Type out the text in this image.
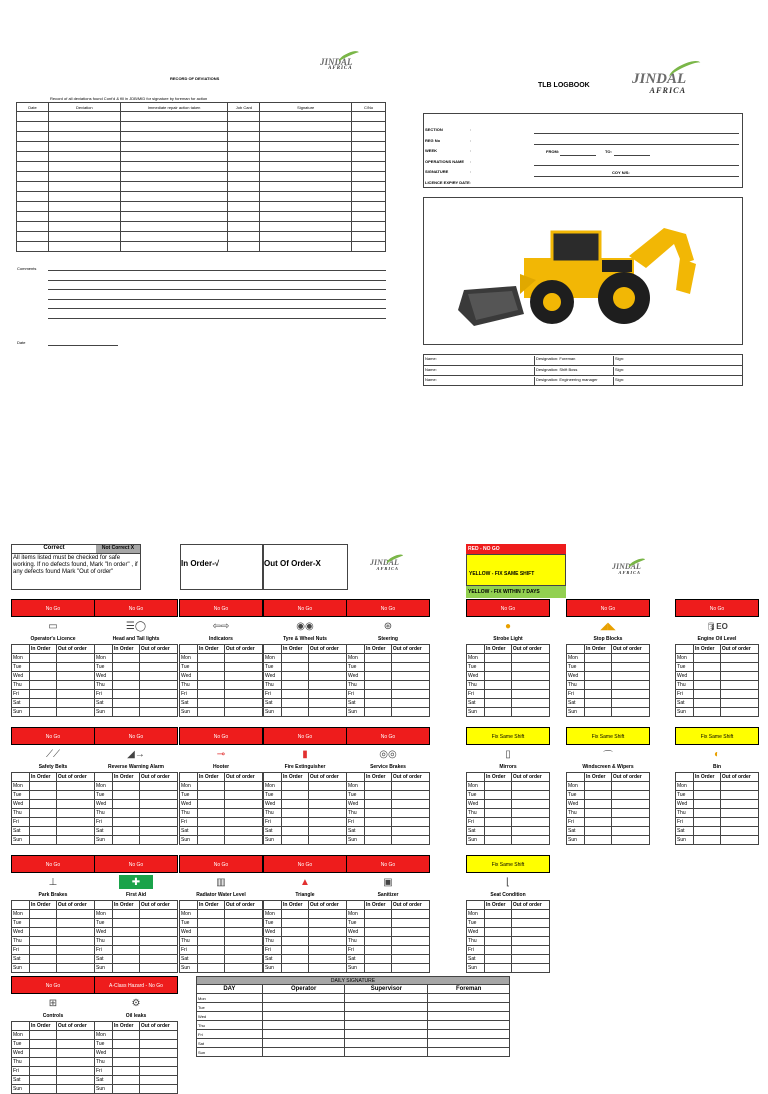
JINDAL
AFRICA
RECORD OF DEVIATIONS
Record of all deviations found Cont'd & fill in JDB/MID for signature by foreman for action
Date	Deviation	Immediate repair action taken	Job Card	Signature	C/No

Comments
Date
TLB LOGBOOK	JINDAL
AFRICA
SECTION	:
REG No	:
WEEK	:
OPERATIONS NAME :
SIGNATURE	:
LICENCE EXPIRY DATE :
FROM:	TO:
COY N/S:
Name:	Designation: Foreman	Sign:
Name:	Designation: Shift Boss	Sign:
Name:	Designation: Engineering manager	Sign:
Correct	Not Correct X
All items listed must be checked for safe working. If no defects found, Mark "In order" , if any defects found Mark "Out of order"
In Order-√	Out Of Order-X	JINDAL
AFRICA
RED - NO GO
YELLOW - FIX SAME SHIFT
YELLOW - FIX WITHIN 7 DAYS
JINDAL
AFRICA
No Go
▭
Operator's Licence
	In Order	Out of order
Mon		
Tue		
Wed		
Thu		
Fri		
Sat		
Sun		
No Go
☰◯
Head and Tail lights
	In Order	Out of order
Mon		
Tue		
Wed		
Thu		
Fri		
Sat		
Sun		
No Go
⇦⇨
Indicators
	In Order	Out of order
Mon		
Tue		
Wed		
Thu		
Fri		
Sat		
Sun		
No Go
◉◉
Tyre & Wheel Nuts
	In Order	Out of order
Mon		
Tue		
Wed		
Thu		
Fri		
Sat		
Sun		
No Go
⊛
Steering
	In Order	Out of order
Mon		
Tue		
Wed		
Thu		
Fri		
Sat		
Sun		
No Go
●
Strobe Light
	In Order	Out of order
Mon		
Tue		
Wed		
Thu		
Fri		
Sat		
Sun		
No Go
◢◣
Stop Blocks
	In Order	Out of order
Mon		
Tue		
Wed		
Thu		
Fri		
Sat		
Sun		
No Go
🛢 EO
Engine Oil Level
	In Order	Out of order
Mon		
Tue		
Wed		
Thu		
Fri		
Sat		
Sun		
No Go
⟋⟋
Safety Belts
	In Order	Out of order
Mon		
Tue		
Wed		
Thu		
Fri		
Sat		
Sun		
No Go
◢→
Reverse Warning Alarm
	In Order	Out of order
Mon		
Tue		
Wed		
Thu		
Fri		
Sat		
Sun		
No Go
⊸
Hooter
	In Order	Out of order
Mon		
Tue		
Wed		
Thu		
Fri		
Sat		
Sun		
No Go
▮
Fire Extinguisher
	In Order	Out of order
Mon		
Tue		
Wed		
Thu		
Fri		
Sat		
Sun		
No Go
◎◎
Service Brakes
	In Order	Out of order
Mon		
Tue		
Wed		
Thu		
Fri		
Sat		
Sun		
Fix Same Shift
▯
Mirrors
	In Order	Out of order
Mon		
Tue		
Wed		
Thu		
Fri		
Sat		
Sun		
Fix Same Shift
⌒
Windscreen & Wipers
	In Order	Out of order
Mon		
Tue		
Wed		
Thu		
Fri		
Sat		
Sun		
Fix Same Shift
◐
Bin
	In Order	Out of order
Mon		
Tue		
Wed		
Thu		
Fri		
Sat		
Sun		
No Go
⊥
Park Brakes
	In Order	Out of order
Mon		
Tue		
Wed		
Thu		
Fri		
Sat		
Sun		
No Go
✚
First Aid
	In Order	Out of order
Mon		
Tue		
Wed		
Thu		
Fri		
Sat		
Sun		
No Go
▥
Radiator Water Level
	In Order	Out of order
Mon		
Tue		
Wed		
Thu		
Fri		
Sat		
Sun		
No Go
▲
Triangle
	In Order	Out of order
Mon		
Tue		
Wed		
Thu		
Fri		
Sat		
Sun		
No Go
▣
Sanitizer
	In Order	Out of order
Mon		
Tue		
Wed		
Thu		
Fri		
Sat		
Sun		
Fix Same Shift
⌊
Seat Condition
	In Order	Out of order
Mon		
Tue		
Wed		
Thu		
Fri		
Sat		
Sun		
No Go
⊞
Controls
	In Order	Out of order
Mon		
Tue		
Wed		
Thu		
Fri		
Sat		
Sun		
A-Class Hazard - No Go
⚙
Oil leaks
	In Order	Out of order
Mon		
Tue		
Wed		
Thu		
Fri		
Sat		
Sun		
DAILY SIGNATURE			
DAY	Operator	Supervisor	Foreman
Mon			
Tue			
Wed			
Thu			
Fri			
Sat			
Sun			
